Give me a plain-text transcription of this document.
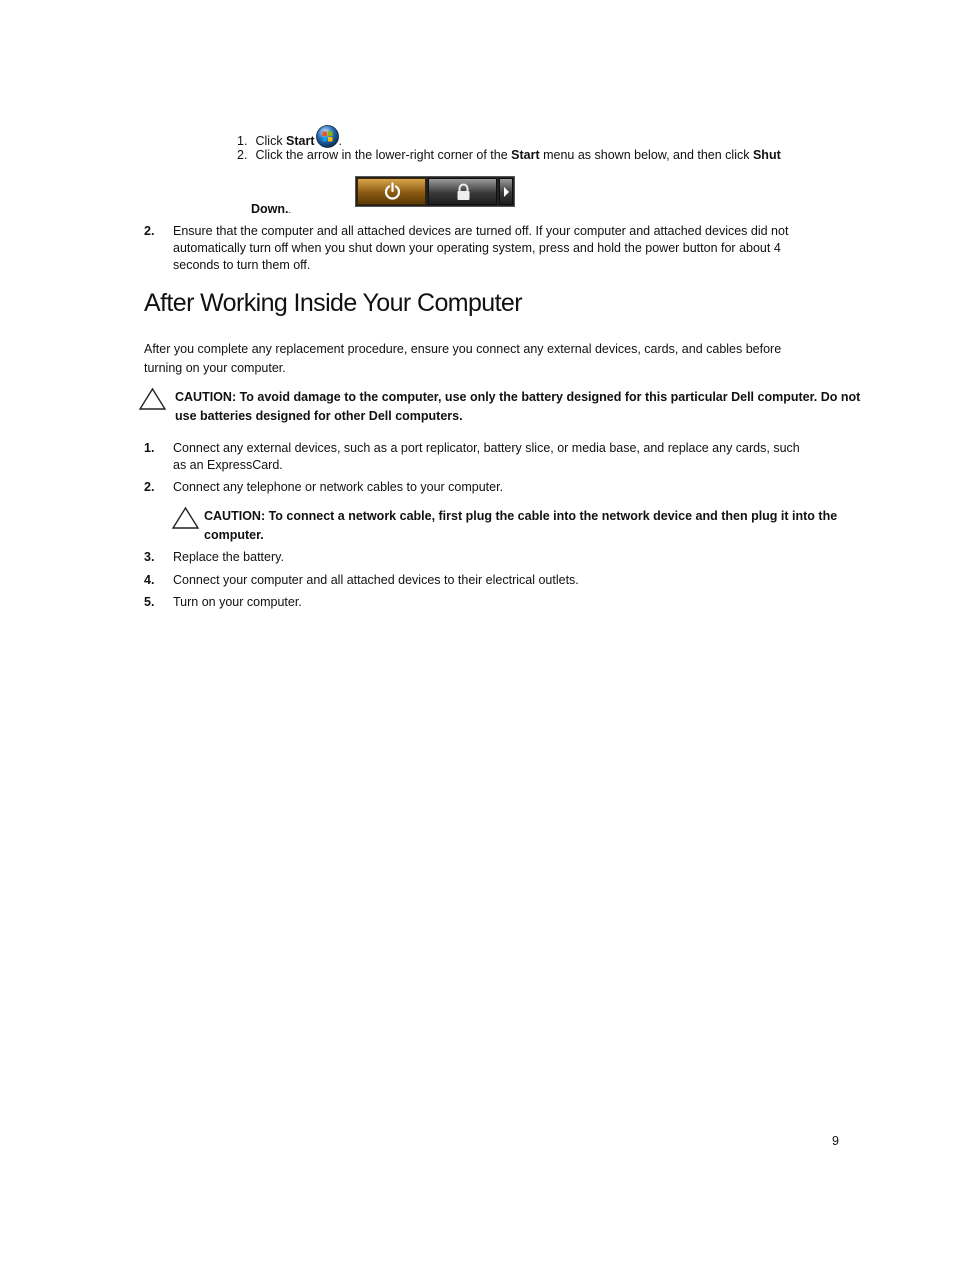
1. Click Start .
2. Click the arrow in the lower-right corner of the Start menu as shown below, and then click Shut
Down..
2. Ensure that the computer and all attached devices are turned off. If your computer and attached devices did not
automatically turn off when you shut down your operating system, press and hold the power button for about 4
seconds to turn them off.
After Working Inside Your Computer
After you complete any replacement procedure, ensure you connect any external devices, cards, and cables before
turning on your computer.
CAUTION: To avoid damage to the computer, use only the battery designed for this particular Dell computer. Do not
use batteries designed for other Dell computers.
1. Connect any external devices, such as a port replicator, battery slice, or media base, and replace any cards, such
as an ExpressCard.
2. Connect any telephone or network cables to your computer.
CAUTION: To connect a network cable, first plug the cable into the network device and then plug it into the
computer.
3. Replace the battery.
4. Connect your computer and all attached devices to their electrical outlets.
5. Turn on your computer.
9
